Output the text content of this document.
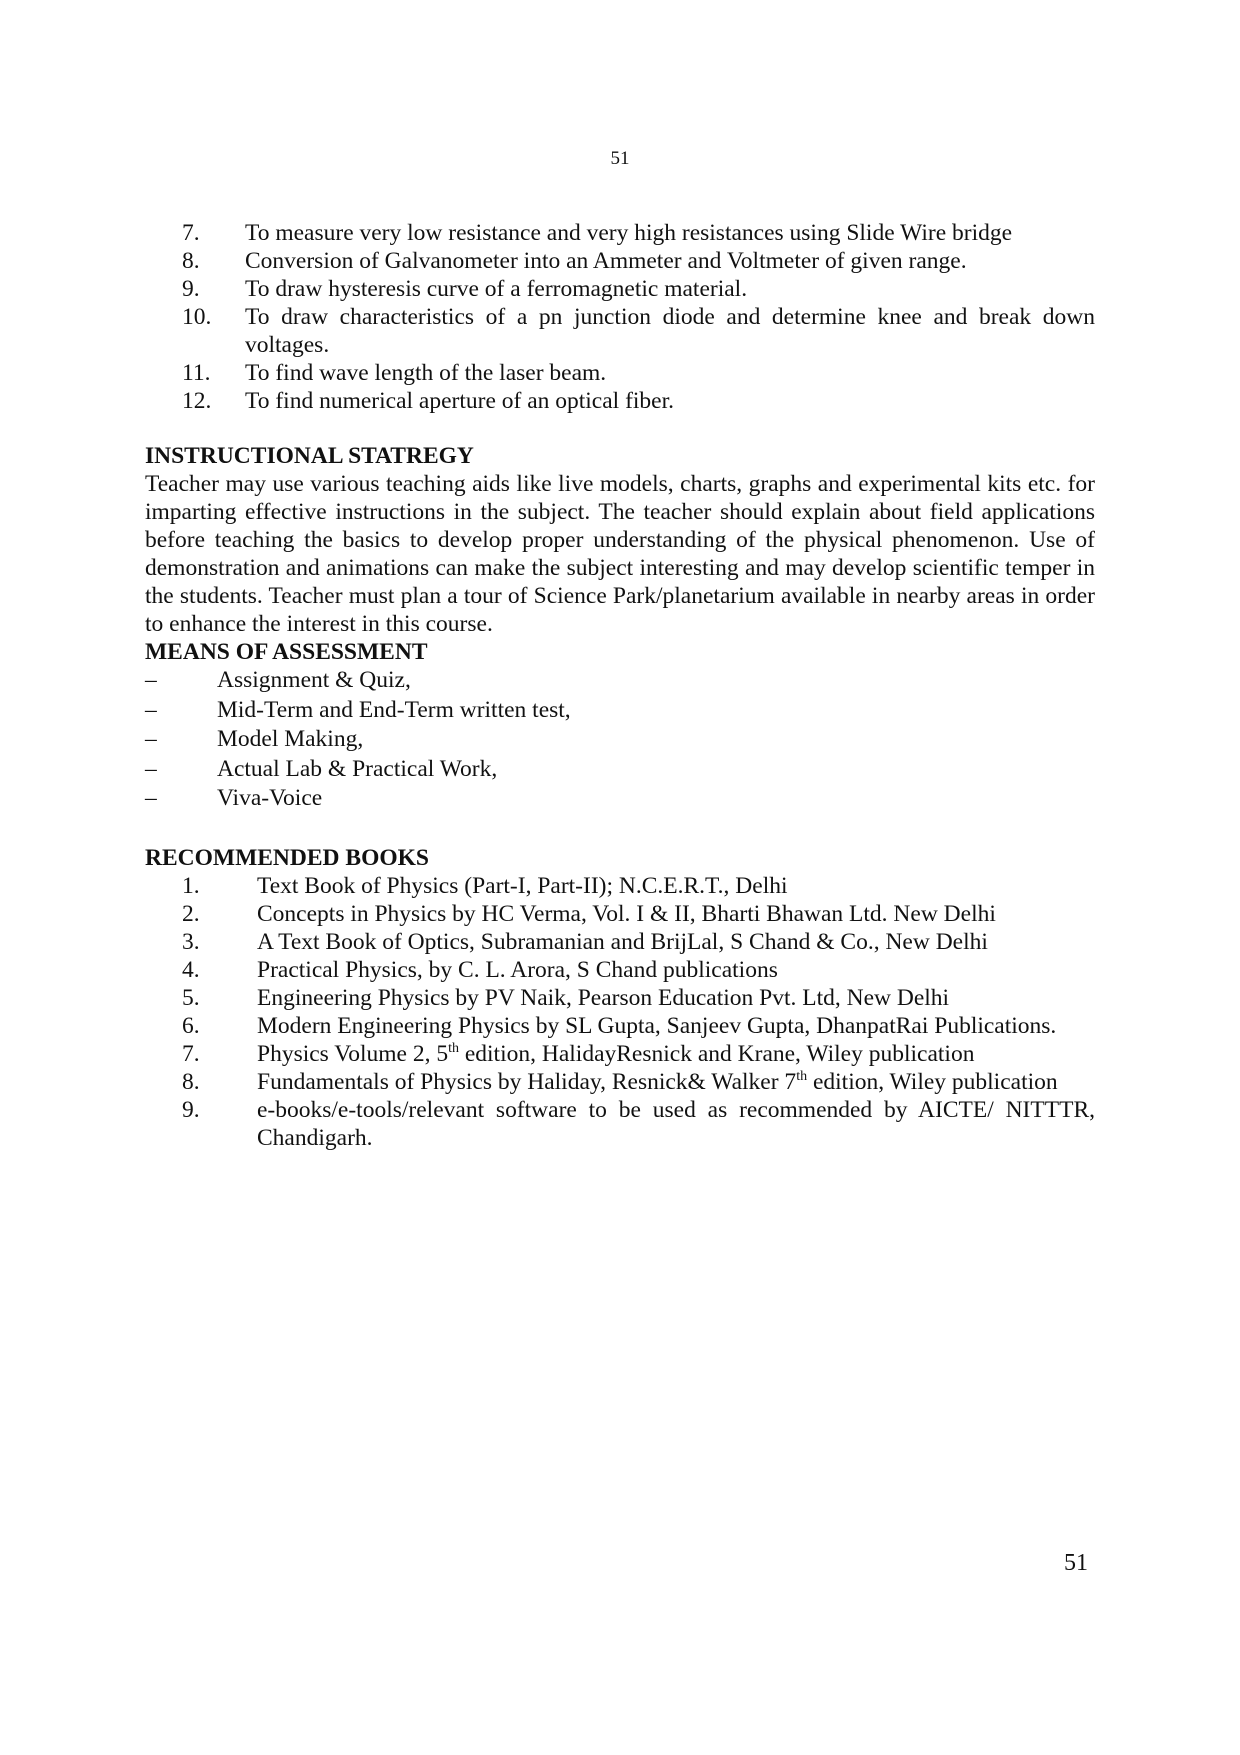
51
7.	To measure very low resistance and very high resistances using Slide Wire bridge
8.	Conversion of Galvanometer into an Ammeter and Voltmeter of given range.
9.	To draw hysteresis curve of a ferromagnetic material.
10.	To draw characteristics of a pn junction diode and determine knee and break down voltages.
11.	To find wave length of the laser beam.
12.	To find numerical aperture of an optical fiber.
INSTRUCTIONAL STATREGY
Teacher may use various teaching aids like live models, charts, graphs and experimental kits etc. for imparting effective instructions in the subject. The teacher should explain about field applications before teaching the basics to develop proper understanding of the physical phenomenon. Use of demonstration and animations can make the subject interesting and may develop scientific temper in the students. Teacher must plan a tour of Science Park/planetarium available in nearby areas in order to enhance the interest in this course.
MEANS OF ASSESSMENT
–	Assignment & Quiz,
–	Mid-Term and End-Term written test,
–	Model Making,
–	Actual Lab & Practical Work,
–	Viva-Voice
RECOMMENDED BOOKS
1.	Text Book of Physics (Part-I, Part-II); N.C.E.R.T., Delhi
2.	Concepts in Physics by HC Verma, Vol. I & II, Bharti Bhawan Ltd. New Delhi
3.	A Text Book of Optics, Subramanian and BrijLal, S Chand & Co., New Delhi
4.	Practical Physics, by C. L. Arora, S Chand publications
5.	Engineering Physics by PV Naik, Pearson Education Pvt. Ltd, New Delhi
6.	Modern Engineering Physics by SL Gupta, Sanjeev Gupta, DhanpatRai Publications.
7.	Physics Volume 2, 5th edition, HalidayResnick and Krane, Wiley publication
8.	Fundamentals of Physics by Haliday, Resnick& Walker 7th edition, Wiley publication
9.	e-books/e-tools/relevant software to be used as recommended by AICTE/ NITTTR, Chandigarh.
51
